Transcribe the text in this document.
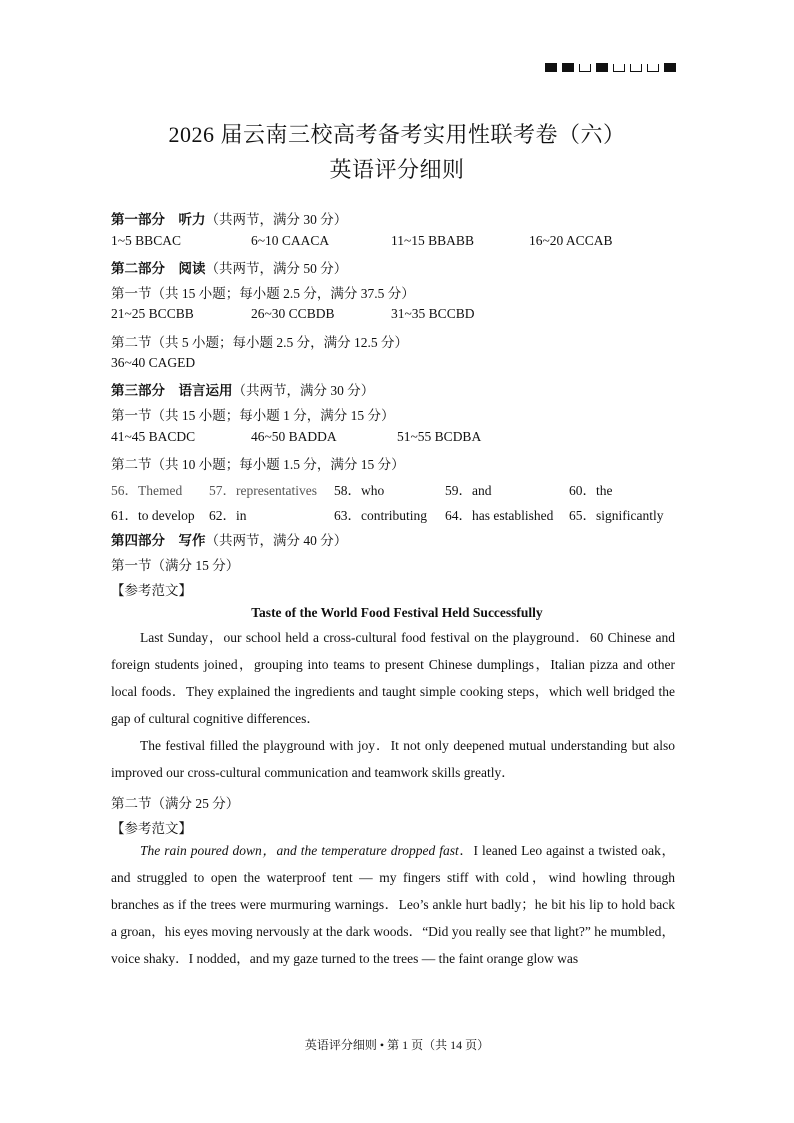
2026 届云南三校高考备考实用性联考卷（六）
英语评分细则
第一部分　听力（共两节，满分 30 分）
1~5 BBCAC	6~10 CAACA	11~15 BBABB	16~20 ACCAB
第二部分　阅读（共两节，满分 50 分）
第一节（共 15 小题；每小题 2.5 分，满分 37.5 分）
21~25 BCCBB	26~30 CCBDB	31~35 BCCBD
第二节（共 5 小题；每小题 2.5 分，满分 12.5 分）
36~40 CAGED
第三部分　语言运用（共两节，满分 30 分）
第一节（共 15 小题；每小题 1 分，满分 15 分）
41~45 BACDC	46~50 BADDA	51~55 BCDBA
第二节（共 10 小题；每小题 1.5 分，满分 15 分）
56．Themed 57．representatives 58．who	59．and	60．the
61．to develop 62．in	63．contributing 64．has established 65．significantly
第四部分　写作（共两节，满分 40 分）
第一节（满分 15 分）
【参考范文】
Taste of the World Food Festival Held Successfully
Last Sunday，our school held a cross-cultural food festival on the playground．60 Chinese and foreign students joined，grouping into teams to present Chinese dumplings，Italian pizza and other local foods．They explained the ingredients and taught simple cooking steps，which well bridged the gap of cultural cognitive differences．
The festival filled the playground with joy．It not only deepened mutual understanding but also improved our cross-cultural communication and teamwork skills greatly．
第二节（满分 25 分）
【参考范文】
The rain poured down，and the temperature dropped fast．I leaned Leo against a twisted oak，and struggled to open the waterproof tent — my fingers stiff with cold，wind howling through branches as if the trees were murmuring warnings．Leo’s ankle hurt badly；he bit his lip to hold back a groan，his eyes moving nervously at the dark woods．“Did you really see that light?” he mumbled，voice shaky．I nodded，and my gaze turned to the trees — the faint orange glow was
英语评分细则 • 第 1 页（共 14 页）
